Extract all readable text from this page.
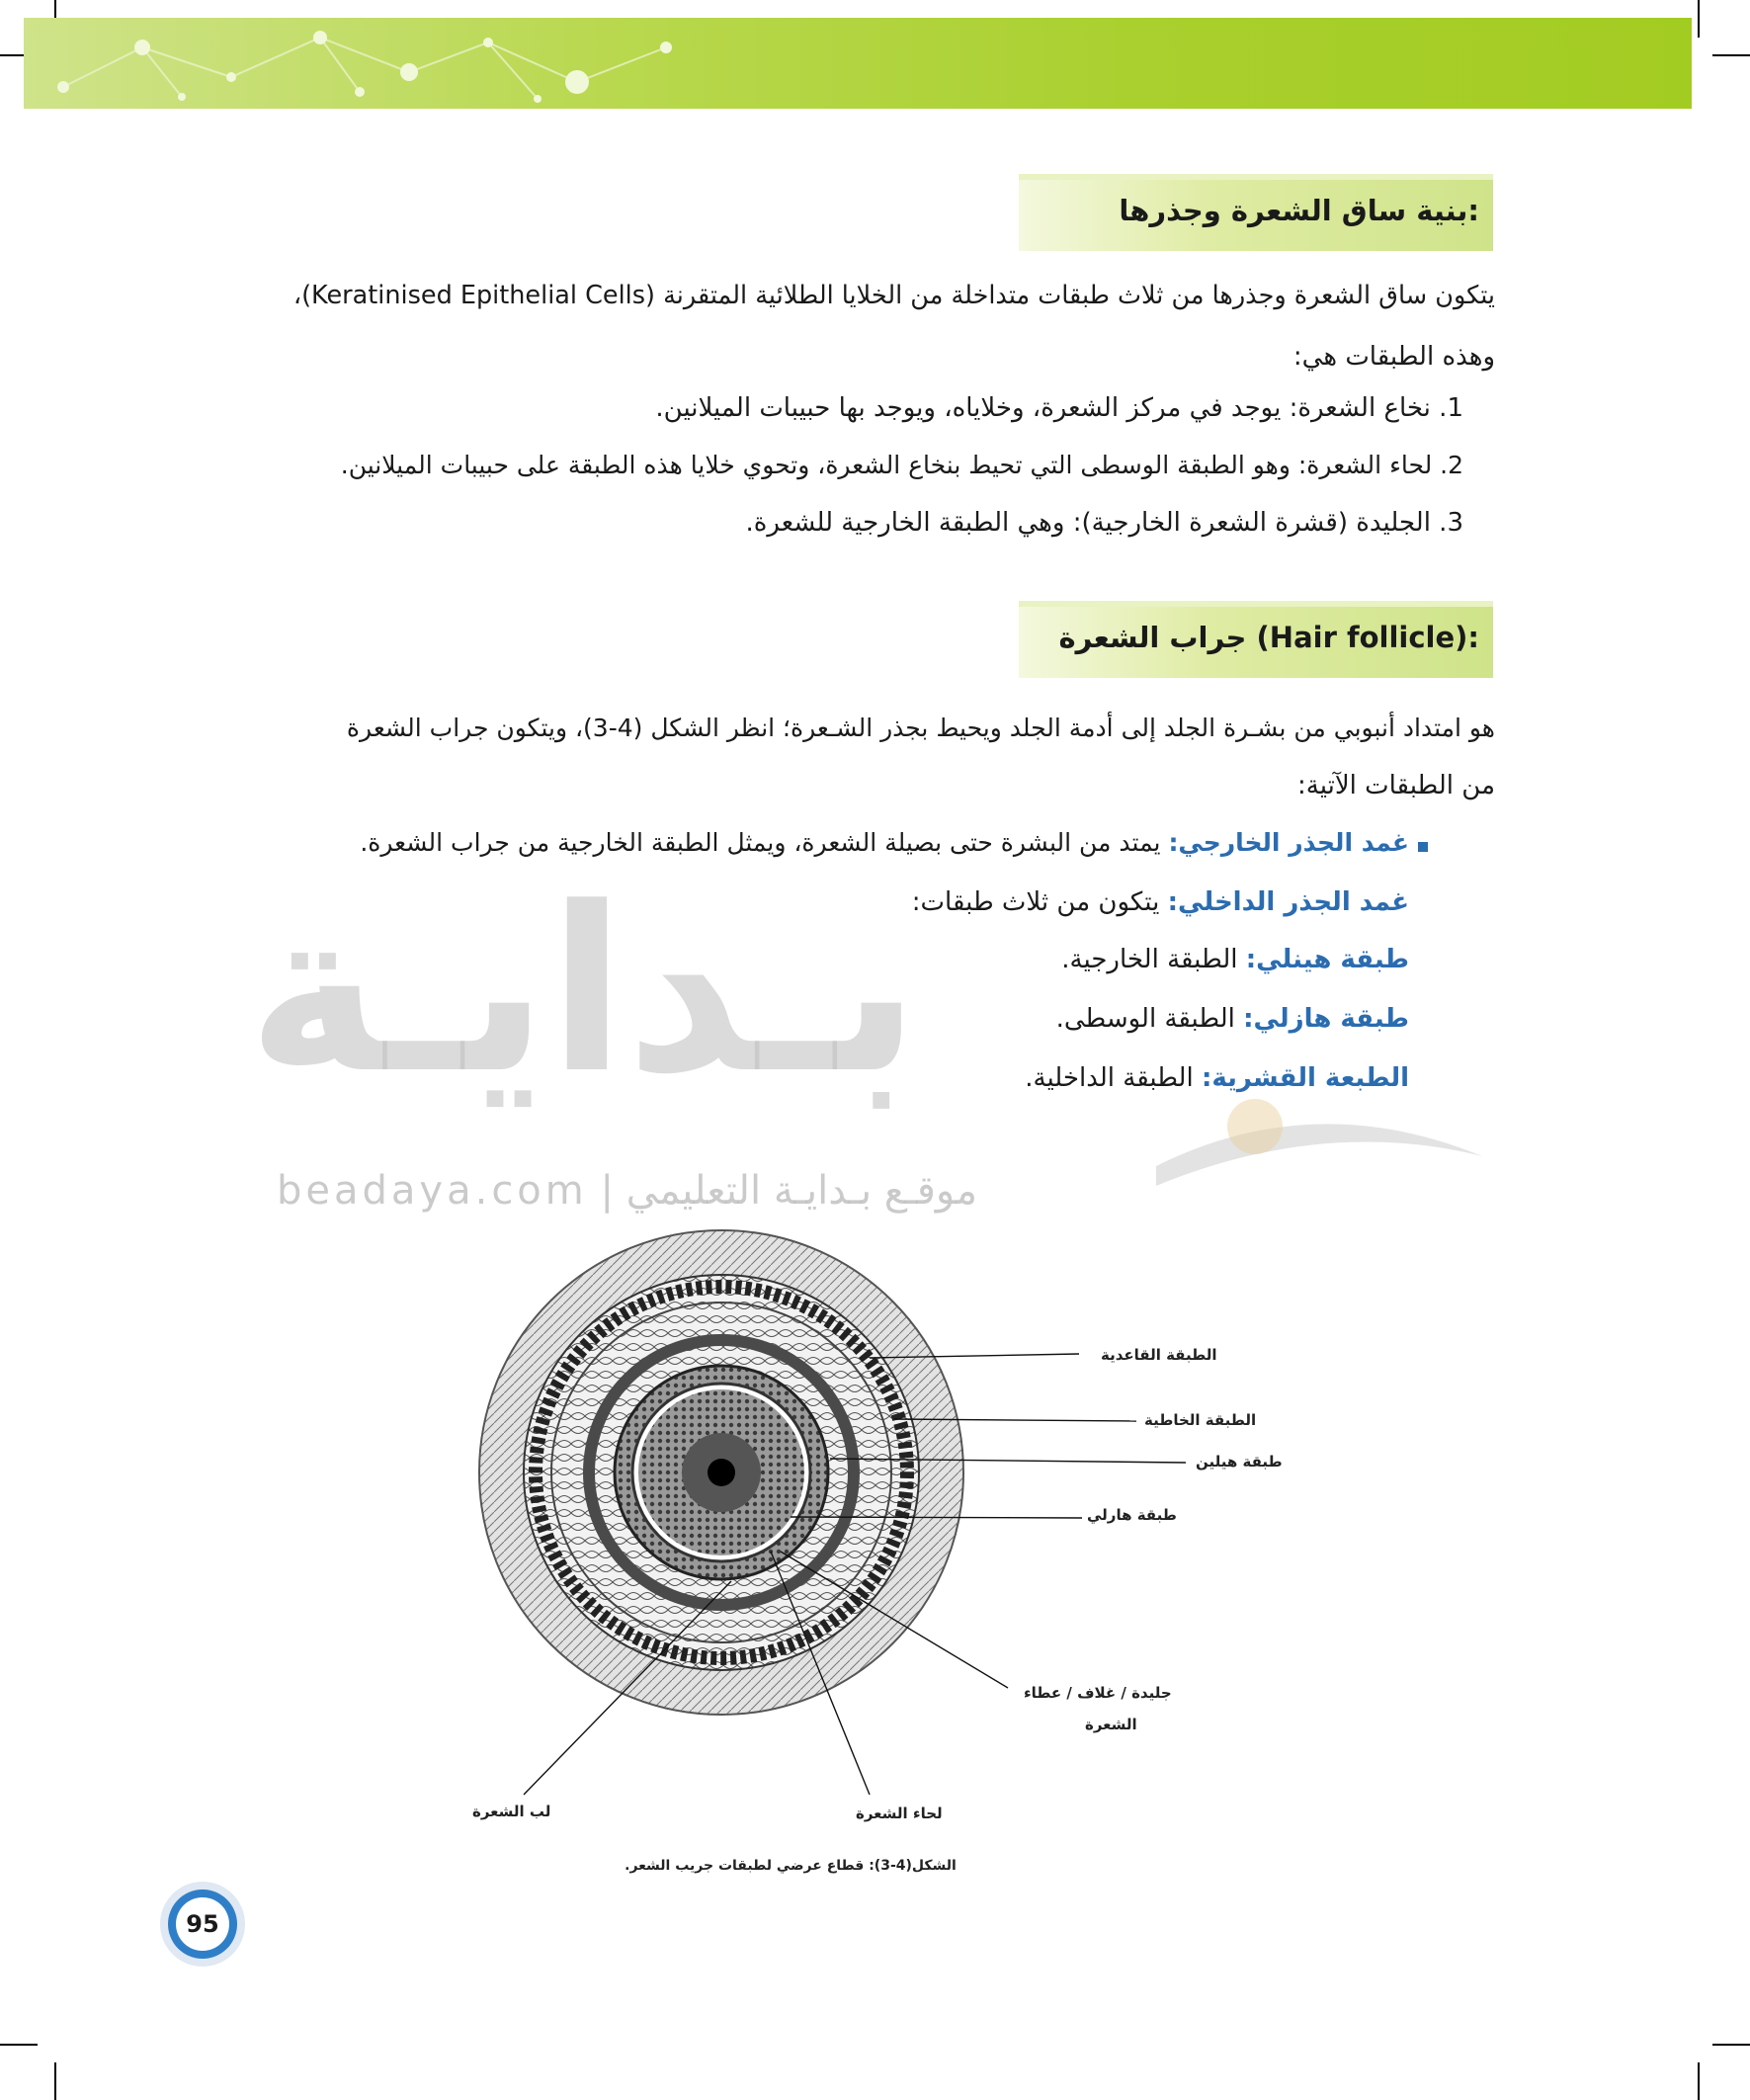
بنية ساق الشعرة وجذرها:
يتكون ساق الشعرة وجذرها من ثلاث طبقات متداخلة من الخلايا الطلائية المتقرنة (Keratinised Epithelial Cells)،
وهذه الطبقات هي:
1. نخاع الشعرة: يوجد في مركز الشعرة، وخلاياه، ويوجد بها حبيبات الميلانين.
2. لحاء الشعرة: وهو الطبقة الوسطى التي تحيط بنخاع الشعرة، وتحوي خلايا هذه الطبقة على حبيبات الميلانين.
3. الجليدة (قشرة الشعرة الخارجية): وهي الطبقة الخارجية للشعرة.
جراب الشعرة (Hair follicle):
هو امتداد أنبوبي من بشـرة الجلد إلى أدمة الجلد ويحيط بجذر الشـعرة؛ انظر الشكل (4-3)، ويتكون جراب الشعرة
من الطبقات الآتية:
غمد الجذر الخارجي: يمتد من البشرة حتى بصيلة الشعرة، ويمثل الطبقة الخارجية من جراب الشعرة.
غمد الجذر الداخلي: يتكون من ثلاث طبقات:
طبقة هينلي: الطبقة الخارجية.
طبقة هازلي: الطبقة الوسطى.
الطبعة القشرية: الطبقة الداخلية.
بـدايـة
موقـع بـدايـة التعليمي | beadaya.com
الطبقة القاعدية
الطبقة الخاطية
طبقة هيلين
طبقة هارلي
جليدة / غلاف / عطاء
الشعرة
لب الشعرة	لحاء الشعرة
الشكل(4-3): قطاع عرضي لطبقات جريب الشعر.
95
